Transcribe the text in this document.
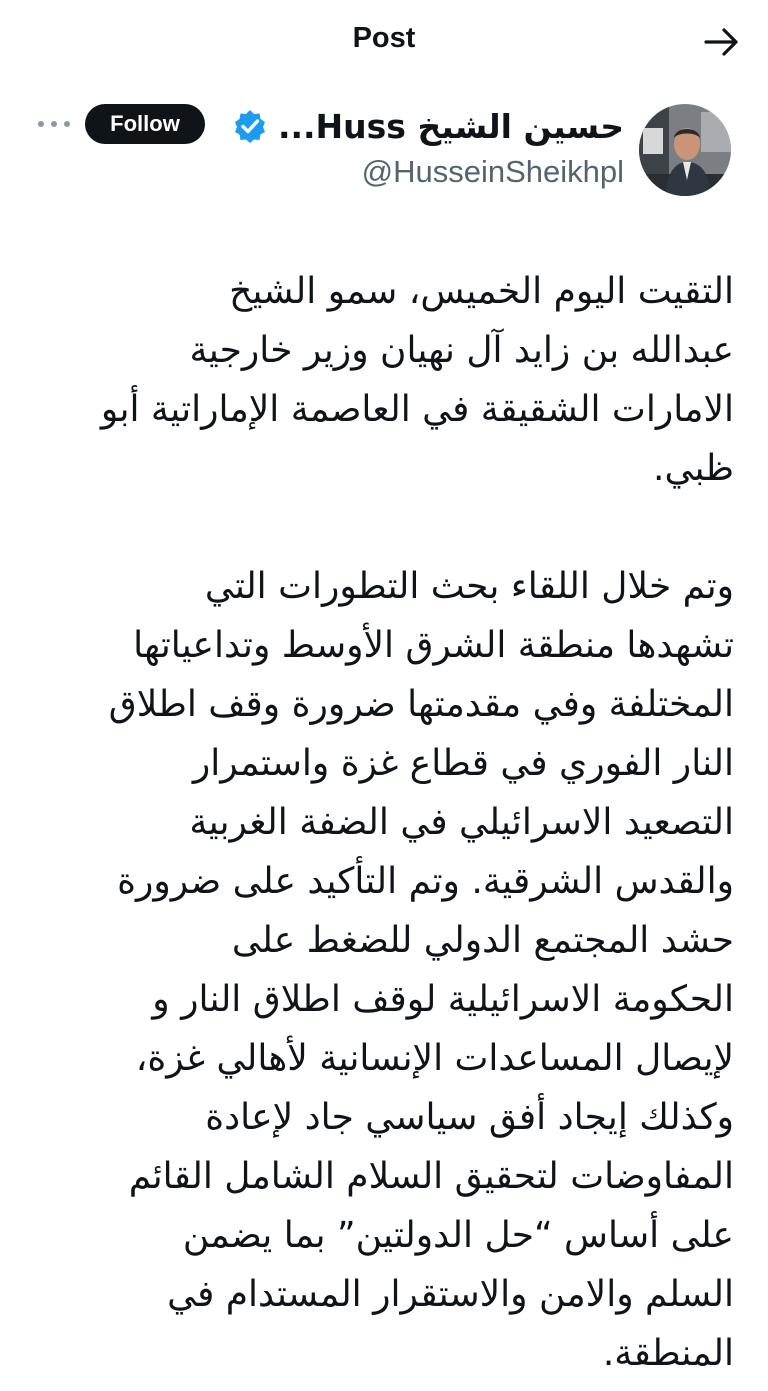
Post
حسين الشيخ Huss...
@HusseinSheikhpl
Follow
التقيت اليوم الخميس، سمو الشيخ
عبدالله بن زايد آل نهيان وزير خارجية
الامارات الشقيقة في العاصمة الإماراتية أبو
ظبي.

وتم خلال اللقاء بحث التطورات التي
تشهدها منطقة الشرق الأوسط وتداعياتها
المختلفة وفي مقدمتها ضرورة وقف اطلاق
النار الفوري في قطاع غزة واستمرار
التصعيد الاسرائيلي في الضفة الغربية
والقدس الشرقية. وتم التأكيد على ضرورة
حشد المجتمع الدولي للضغط على
الحكومة الاسرائيلية لوقف اطلاق النار و
لإيصال المساعدات الإنسانية لأهالي غزة،
وكذلك إيجاد أفق سياسي جاد لإعادة
المفاوضات لتحقيق السلام الشامل القائم
على أساس “حل الدولتين” بما يضمن
السلم والامن والاستقرار المستدام في
المنطقة.
